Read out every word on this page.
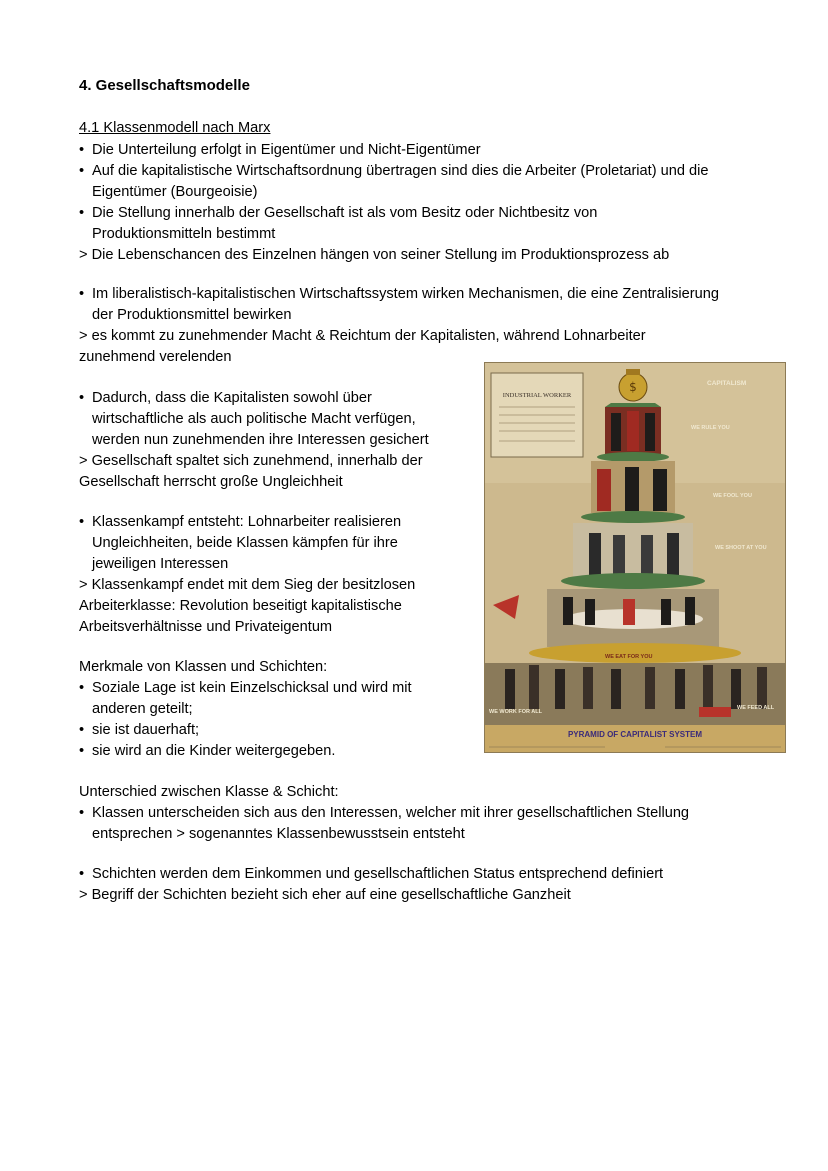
4. Gesellschaftsmodelle
4.1 Klassenmodell nach Marx
• Die Unterteilung erfolgt in Eigentümer und Nicht-Eigentümer
• Auf die kapitalistische Wirtschaftsordnung übertragen sind dies die Arbeiter (Proletariat) und die
Eigentümer (Bourgeoisie)
• Die Stellung innerhalb der Gesellschaft ist als vom Besitz oder Nichtbesitz von
Produktionsmitteln bestimmt
> Die Lebenschancen des Einzelnen hängen von seiner Stellung im Produktionsprozess ab
• Im liberalistisch-kapitalistischen Wirtschaftssystem wirken Mechanismen, die eine Zentralisierung
der Produktionsmittel bewirken
> es kommt zu zunehmender Macht & Reichtum der Kapitalisten, während Lohnarbeiter
zunehmend verelenden
• Dadurch, dass die Kapitalisten sowohl über
wirtschaftliche als auch politische Macht verfügen,
werden nun zunehmenden ihre Interessen gesichert
> Gesellschaft spaltet sich zunehmend, innerhalb der
Gesellschaft herrscht große Ungleichheit
• Klassenkampf entsteht: Lohnarbeiter realisieren
Ungleichheiten, beide Klassen kämpfen für ihre
jeweiligen Interessen
> Klassenkampf endet mit dem Sieg der besitzlosen
Arbeiterklasse: Revolution beseitigt kapitalistische
Arbeitsverhältnisse und Privateigentum
Merkmale von Klassen und Schichten:
• Soziale Lage ist kein Einzelschicksal und wird mit
anderen geteilt;
• sie ist dauerhaft;
• sie wird an die Kinder weitergegeben.
Unterschied zwischen Klasse & Schicht:
• Klassen unterscheiden sich aus den Interessen, welcher mit ihrer gesellschaftlichen Stellung
entsprechen > sogenanntes Klassenbewusstsein entsteht
• Schichten werden dem Einkommen und gesellschaftlichen Status entsprechend definiert
> Begriff der Schichten bezieht sich eher auf eine gesellschaftliche Ganzheit
INDUSTRIAL WORKER
$	CAPITALISM
WE RULE YOU
WE FOOL YOU
WE SHOOT AT YOU
WE EAT FOR YOU
WE WORK FOR ALL
WE FEED ALL
PYRAMID OF CAPITALIST SYSTEM
